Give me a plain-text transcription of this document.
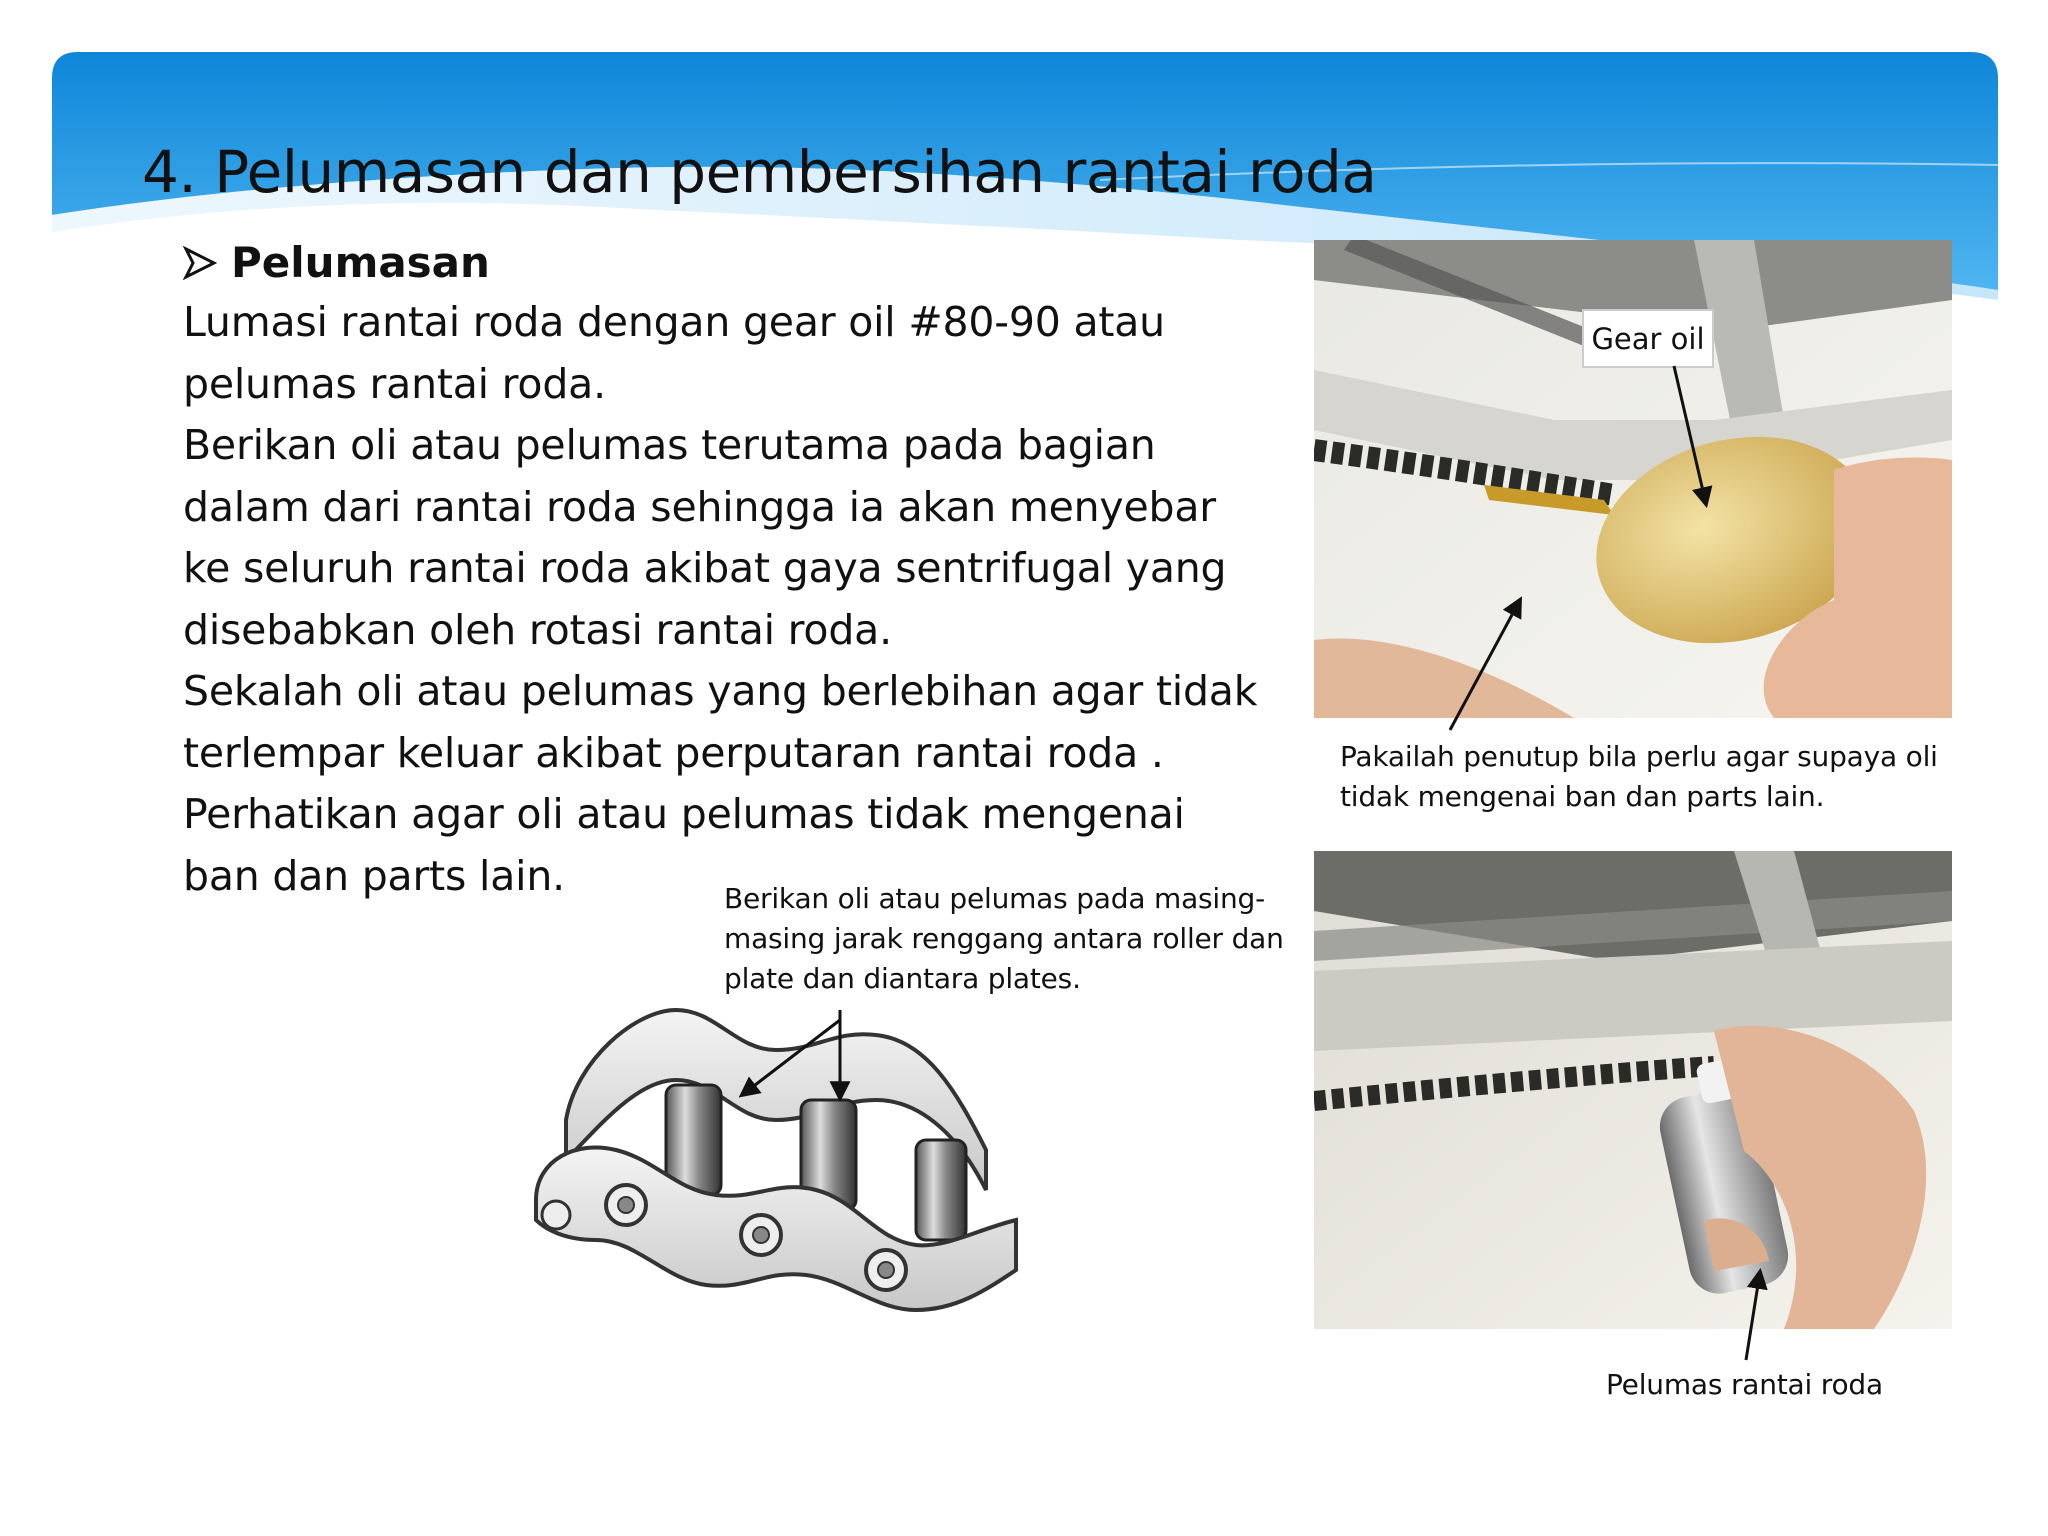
4. Pelumasan dan pembersihan rantai roda
Pelumasan

Lumasi rantai roda dengan gear oil #80-90 atau pelumas rantai roda.

Berikan oli atau pelumas terutama pada bagian dalam dari rantai roda sehingga ia akan menyebar ke seluruh rantai roda akibat gaya sentrifugal yang disebabkan oleh rotasi rantai roda.

Sekalah oli atau pelumas yang berlebihan agar tidak terlempar keluar akibat perputaran rantai roda .

Perhatikan agar oli atau pelumas tidak mengenai ban dan parts lain.	Berikan oli atau pelumas pada masing-masing jarak renggang antara roller dan plate dan diantara plates.
Gear oil
Pakailah penutup bila perlu agar supaya oli tidak mengenai ban dan parts lain.
Pelumas rantai roda
